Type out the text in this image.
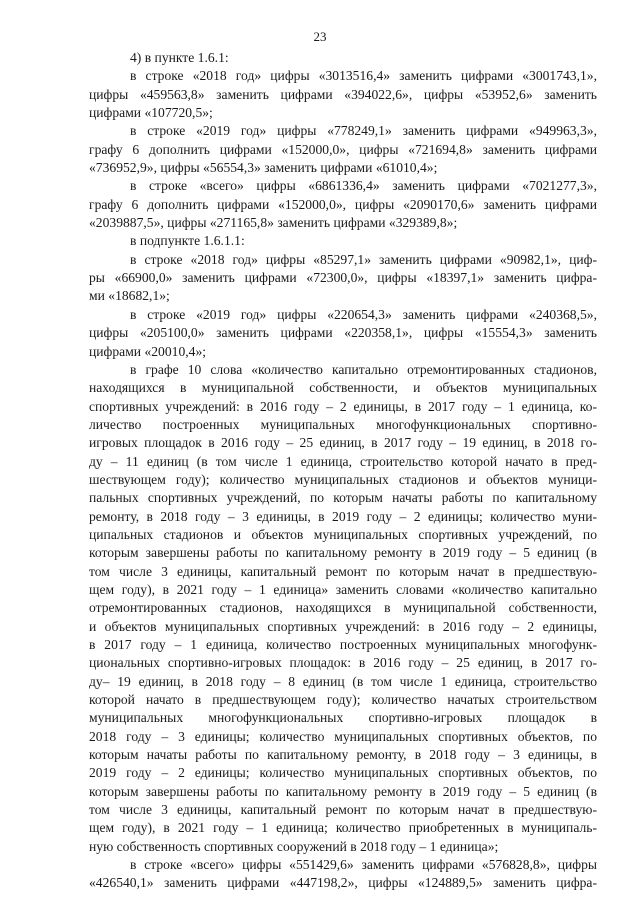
23
4) в пункте 1.6.1:
в строке «2018 год» цифры «3013516,4» заменить цифрами «3001743,1»,
цифры «459563,8» заменить цифрами «394022,6», цифры «53952,6» заменить
цифрами «107720,5»;
в строке «2019 год» цифры «778249,1» заменить цифрами «949963,3»,
графу 6 дополнить цифрами «152000,0», цифры «721694,8» заменить цифрами
«736952,9», цифры «56554,3» заменить цифрами «61010,4»;
в строке «всего» цифры «6861336,4» заменить цифрами «7021277,3»,
графу 6 дополнить цифрами «152000,0», цифры «2090170,6» заменить цифрами
«2039887,5», цифры «271165,8» заменить цифрами «329389,8»;
в подпункте 1.6.1.1:
в строке «2018 год» цифры «85297,1» заменить цифрами «90982,1», циф-
ры «66900,0» заменить цифрами «72300,0», цифры «18397,1» заменить цифра-
ми «18682,1»;
в строке «2019 год» цифры «220654,3» заменить цифрами «240368,5»,
цифры «205100,0» заменить цифрами «220358,1», цифры «15554,3» заменить
цифрами «20010,4»;
в графе 10 слова «количество капитально отремонтированных стадионов,
находящихся в муниципальной собственности, и объектов муниципальных
спортивных учреждений: в 2016 году – 2 единицы, в 2017 году – 1 единица, ко-
личество построенных муниципальных многофункциональных спортивно-
игровых площадок в 2016 году – 25 единиц, в 2017 году – 19 единиц, в 2018 го-
ду – 11 единиц (в том числе 1 единица, строительство которой начато в пред-
шествующем году); количество муниципальных стадионов и объектов муници-
пальных спортивных учреждений, по которым начаты работы по капитальному
ремонту, в 2018 году – 3 единицы, в 2019 году – 2 единицы; количество муни-
ципальных стадионов и объектов муниципальных спортивных учреждений, по
которым завершены работы по капитальному ремонту в 2019 году – 5 единиц (в
том числе 3 единицы, капитальный ремонт по которым начат в предшествую-
щем году), в 2021 году – 1 единица» заменить словами «количество капитально
отремонтированных стадионов, находящихся в муниципальной собственности,
и объектов муниципальных спортивных учреждений: в 2016 году – 2 единицы,
в 2017 году – 1 единица, количество построенных муниципальных многофунк-
циональных спортивно-игровых площадок: в 2016 году – 25 единиц, в 2017 го-
ду– 19 единиц, в 2018 году – 8 единиц (в том числе 1 единица, строительство
которой начато в предшествующем году); количество начатых строительством
муниципальных многофункциональных спортивно-игровых площадок в
2018 году – 3 единицы; количество муниципальных спортивных объектов, по
которым начаты работы по капитальному ремонту, в 2018 году – 3 единицы, в
2019 году – 2 единицы; количество муниципальных спортивных объектов, по
которым завершены работы по капитальному ремонту в 2019 году – 5 единиц (в
том числе 3 единицы, капитальный ремонт по которым начат в предшествую-
щем году), в 2021 году – 1 единица; количество приобретенных в муниципаль-
ную собственность спортивных сооружений в 2018 году – 1 единица»;
в строке «всего» цифры «551429,6» заменить цифрами «576828,8», цифры
«426540,1» заменить цифрами «447198,2», цифры «124889,5» заменить цифра-
